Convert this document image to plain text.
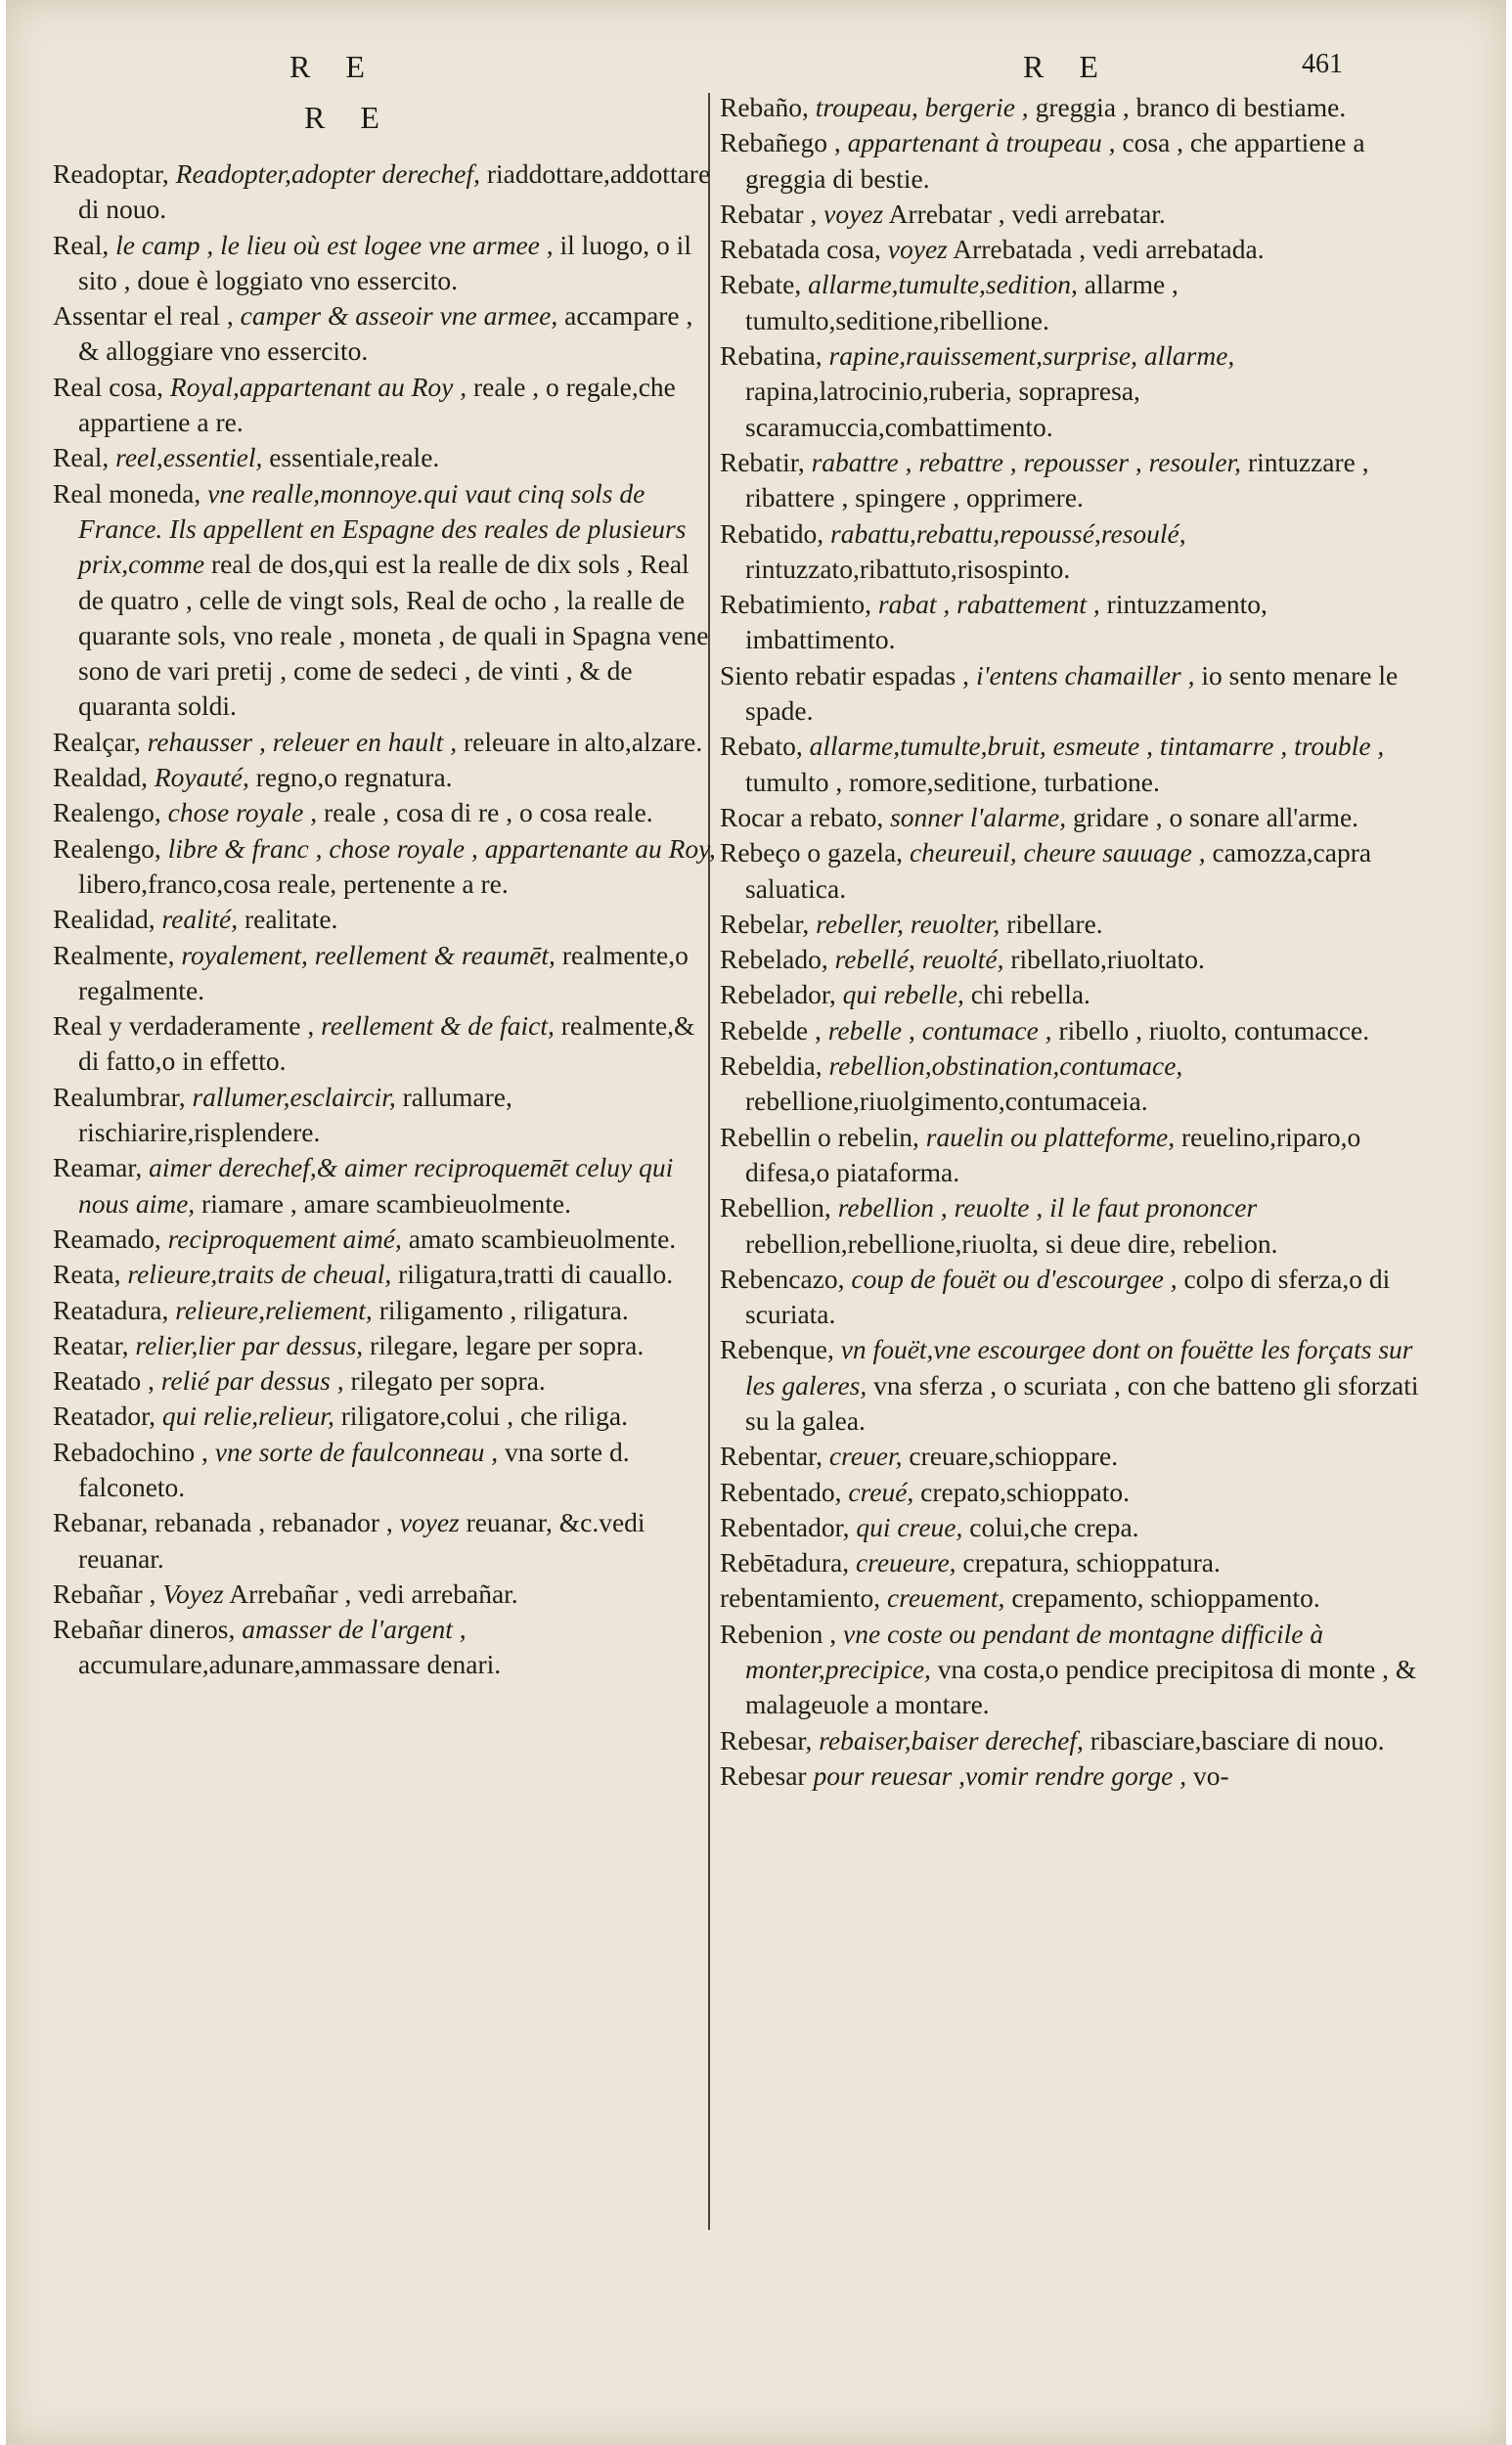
R E	R E	461
R E

Readoptar, Readopter,adopter derechef, riaddottare,addottare di nouo.

Real, le camp , le lieu où est logee vne armee , il luogo, o il sito , doue è loggiato vno essercito.

Assentar el real , camper & asseoir vne armee, accampare , & alloggiare vno essercito.

Real cosa, Royal,appartenant au Roy , reale , o regale,che appartiene a re.

Real, reel,essentiel, essentiale,reale.

Real moneda, vne realle,monnoye.qui vaut cinq sols de France. Ils appellent en Espagne des reales de plusieurs prix,comme real de dos,qui est la realle de dix sols , Real de quatro , celle de vingt sols, Real de ocho , la realle de quarante sols, vno reale , moneta , de quali in Spagna vene sono de vari pretij , come de sedeci , de vinti , & de quaranta soldi.

Realçar, rehausser , releuer en hault , releuare in alto,alzare.

Realdad, Royauté, regno,o regnatura.

Realengo, chose royale , reale , cosa di re , o cosa reale.

Realengo, libre & franc , chose royale , appartenante au Roy, libero,franco,cosa reale, pertenente a re.

Realidad, realité, realitate.

Realmente, royalement, reellement & reaumēt, realmente,o regalmente.

Real y verdaderamente , reellement & de faict, realmente,& di fatto,o in effetto.

Realumbrar, rallumer,esclaircir, rallumare, rischiarire,risplendere.

Reamar, aimer derechef,& aimer reciproquemēt celuy qui nous aime, riamare , amare scambieuolmente.

Reamado, reciproquement aimé, amato scambieuolmente.

Reata, relieure,traits de cheual, riligatura,tratti di cauallo.

Reatadura, relieure,reliement, riligamento , riligatura.

Reatar, relier,lier par dessus, rilegare, legare per sopra.

Reatado , relié par dessus , rilegato per sopra.

Reatador, qui relie,relieur, riligatore,colui , che riliga.

Rebadochino , vne sorte de faulconneau , vna sorte d. falconeto.

Rebanar, rebanada , rebanador , voyez reuanar, &c.vedi reuanar.

Rebañar , Voyez Arrebañar , vedi arrebañar.

Rebañar dineros, amasser de l'argent , accumulare,adunare,ammassare denari.

Rebaño, troupeau, bergerie , greggia , branco di bestiame.

Rebañego , appartenant à troupeau , cosa , che appartiene a greggia di bestie.

Rebatar , voyez Arrebatar , vedi arrebatar.

Rebatada cosa, voyez Arrebatada , vedi arrebatada.

Rebate, allarme,tumulte,sedition, allarme , tumulto,seditione,ribellione.

Rebatina, rapine,rauissement,surprise, allarme, rapina,latrocinio,ruberia, soprapresa, scaramuccia,combattimento.

Rebatir, rabattre , rebattre , repousser , resouler, rintuzzare , ribattere , spingere , opprimere.

Rebatido, rabattu,rebattu,repoussé,resoulé, rintuzzato,ribattuto,risospinto.

Rebatimiento, rabat , rabattement , rintuzzamento, imbattimento.

Siento rebatir espadas , i'entens chamailler , io sento menare le spade.

Rebato, allarme,tumulte,bruit, esmeute , tintamarre , trouble , tumulto , romore,seditione, turbatione.

Rocar a rebato, sonner l'alarme, gridare , o sonare all'arme.

Rebeço o gazela, cheureuil, cheure sauuage , camozza,capra saluatica.

Rebelar, rebeller, reuolter, ribellare.

Rebelado, rebellé, reuolté, ribellato,riuoltato.

Rebelador, qui rebelle, chi rebella.

Rebelde , rebelle , contumace , ribello , riuolto, contumacce.

Rebeldia, rebellion,obstination,contumace, rebellione,riuolgimento,contumaceia.

Rebellin o rebelin, rauelin ou platteforme, reuelino,riparo,o difesa,o piataforma.

Rebellion, rebellion , reuolte , il le faut prononcer rebellion,rebellione,riuolta, si deue dire, rebelion.

Rebencazo, coup de fouët ou d'escourgee , colpo di sferza,o di scuriata.

Rebenque, vn fouët,vne escourgee dont on fouëtte les forçats sur les galeres, vna sferza , o scuriata , con che batteno gli sforzati su la galea.

Rebentar, creuer, creuare,schioppare.

Rebentado, creué, crepato,schioppato.

Rebentador, qui creue, colui,che crepa.

Rebētadura, creueure, crepatura, schioppatura.

rebentamiento, creuement, crepamento, schioppamento.

Rebenion , vne coste ou pendant de montagne difficile à monter,precipice, vna costa,o pendice precipitosa di monte , & malageuole a montare.

Rebesar, rebaiser,baiser derechef, ribasciare,basciare di nouo.

Rebesar pour reuesar ,vomir rendre gorge , vo-
